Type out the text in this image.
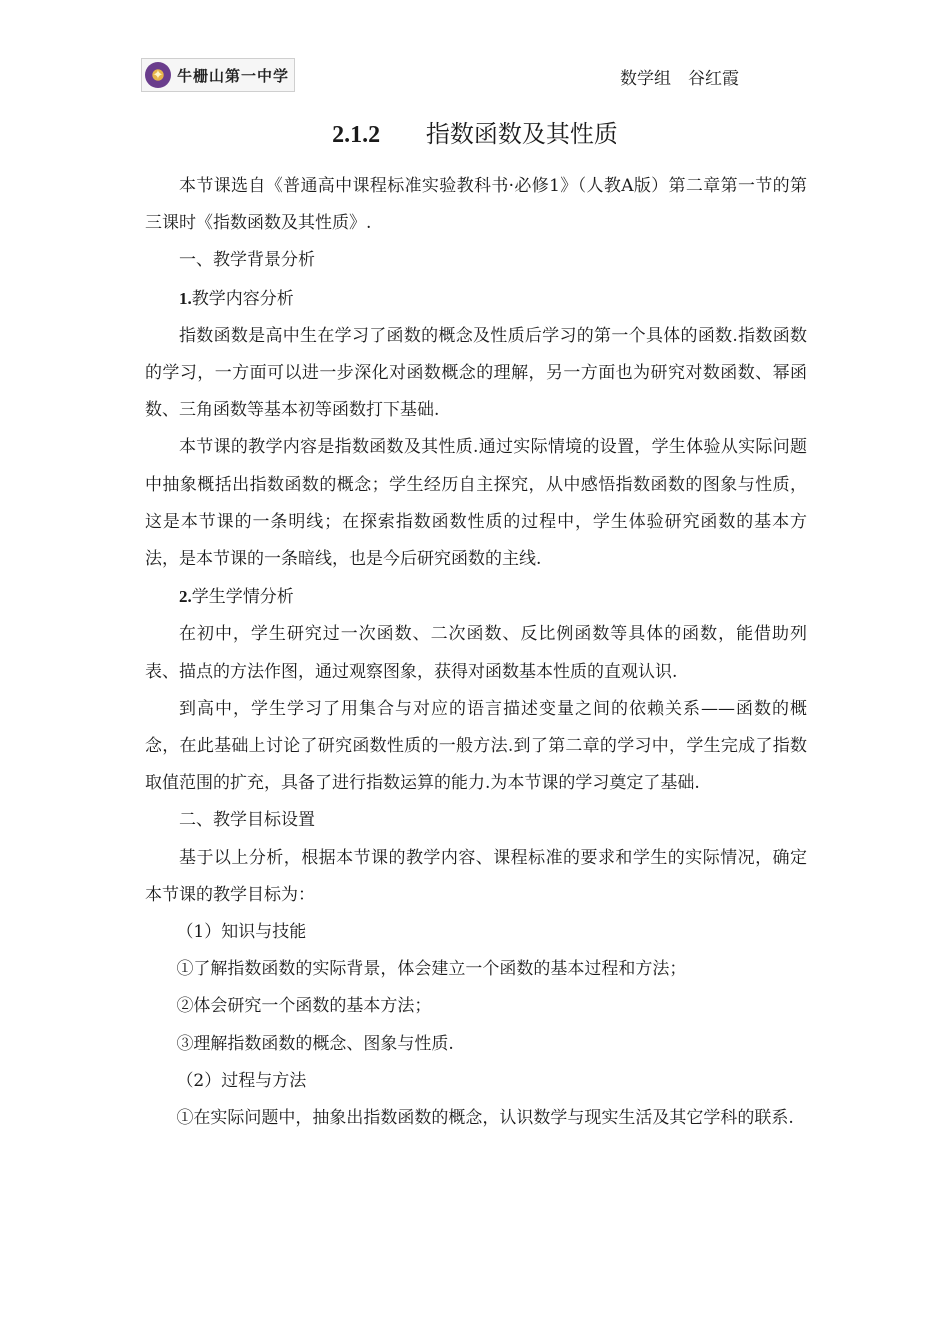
✦ 牛栅山第一中学	数学组　谷红霞
2.1.2 指数函数及其性质

本节课选自《普通高中课程标准实验教科书·必修1》（人教A版）第二章第一节的第三课时《指数函数及其性质》.

一、教学背景分析

1.教学内容分析

指数函数是高中生在学习了函数的概念及性质后学习的第一个具体的函数.指数函数的学习，一方面可以进一步深化对函数概念的理解，另一方面也为研究对数函数、幂函数、三角函数等基本初等函数打下基础.

本节课的教学内容是指数函数及其性质.通过实际情境的设置，学生体验从实际问题中抽象概括出指数函数的概念；学生经历自主探究，从中感悟指数函数的图象与性质，这是本节课的一条明线；在探索指数函数性质的过程中，学生体验研究函数的基本方法，是本节课的一条暗线，也是今后研究函数的主线.

2.学生学情分析

在初中，学生研究过一次函数、二次函数、反比例函数等具体的函数，能借助列表、描点的方法作图，通过观察图象，获得对函数基本性质的直观认识.

到高中，学生学习了用集合与对应的语言描述变量之间的依赖关系——函数的概念，在此基础上讨论了研究函数性质的一般方法.到了第二章的学习中，学生完成了指数取值范围的扩充，具备了进行指数运算的能力.为本节课的学习奠定了基础.

二、教学目标设置

基于以上分析，根据本节课的教学内容、课程标准的要求和学生的实际情况，确定本节课的教学目标为：

（1）知识与技能

①了解指数函数的实际背景，体会建立一个函数的基本过程和方法；

②体会研究一个函数的基本方法；

③理解指数函数的概念、图象与性质.

（2）过程与方法

①在实际问题中，抽象出指数函数的概念，认识数学与现实生活及其它学科的联系.
